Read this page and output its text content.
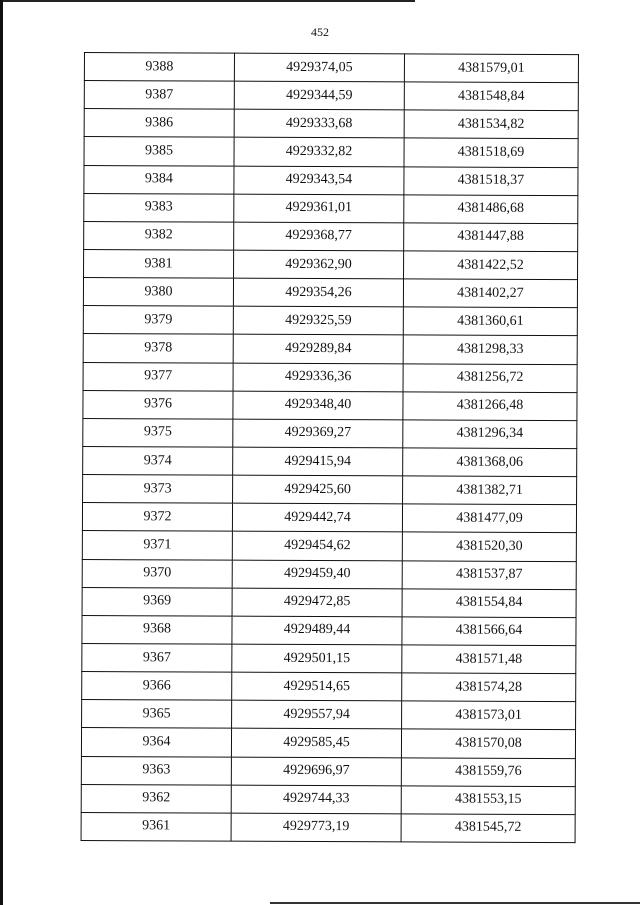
452
9388	4929374,05	4381579,01
9387	4929344,59	4381548,84
9386	4929333,68	4381534,82
9385	4929332,82	4381518,69
9384	4929343,54	4381518,37
9383	4929361,01	4381486,68
9382	4929368,77	4381447,88
9381	4929362,90	4381422,52
9380	4929354,26	4381402,27
9379	4929325,59	4381360,61
9378	4929289,84	4381298,33
9377	4929336,36	4381256,72
9376	4929348,40	4381266,48
9375	4929369,27	4381296,34
9374	4929415,94	4381368,06
9373	4929425,60	4381382,71
9372	4929442,74	4381477,09
9371	4929454,62	4381520,30
9370	4929459,40	4381537,87
9369	4929472,85	4381554,84
9368	4929489,44	4381566,64
9367	4929501,15	4381571,48
9366	4929514,65	4381574,28
9365	4929557,94	4381573,01
9364	4929585,45	4381570,08
9363	4929696,97	4381559,76
9362	4929744,33	4381553,15
9361	4929773,19	4381545,72
